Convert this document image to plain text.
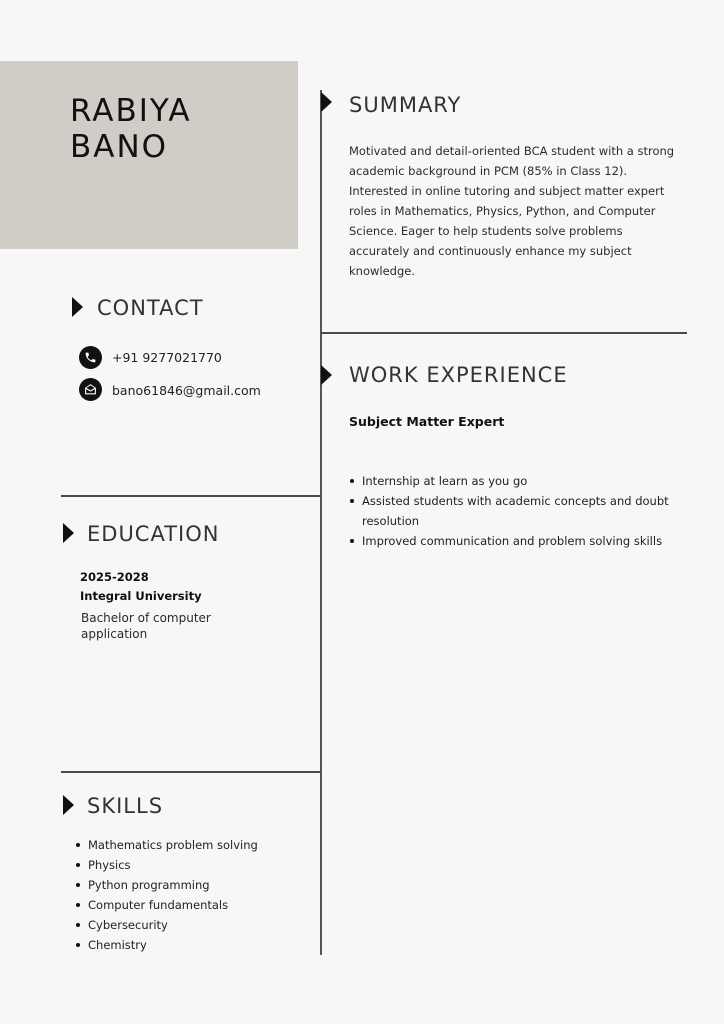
RABIYA
BANO
CONTACT
+91 9277021770
bano61846@gmail.com
EDUCATION
2025-2028
Integral University
Bachelor of computer
application
SKILLS
Mathematics problem solving
Physics
Python programming
Computer fundamentals
Cybersecurity
Chemistry
SUMMARY
Motivated and detail-oriented BCA student with a strong academic background in PCM (85% in Class 12). Interested in online tutoring and subject matter expert roles in Mathematics, Physics, Python, and Computer Science. Eager to help students solve problems accurately and continuously enhance my subject knowledge.
WORK EXPERIENCE
Subject Matter Expert
Internship at learn as you go
Assisted students with academic concepts and doubt resolution
Improved communication and problem solving skills
